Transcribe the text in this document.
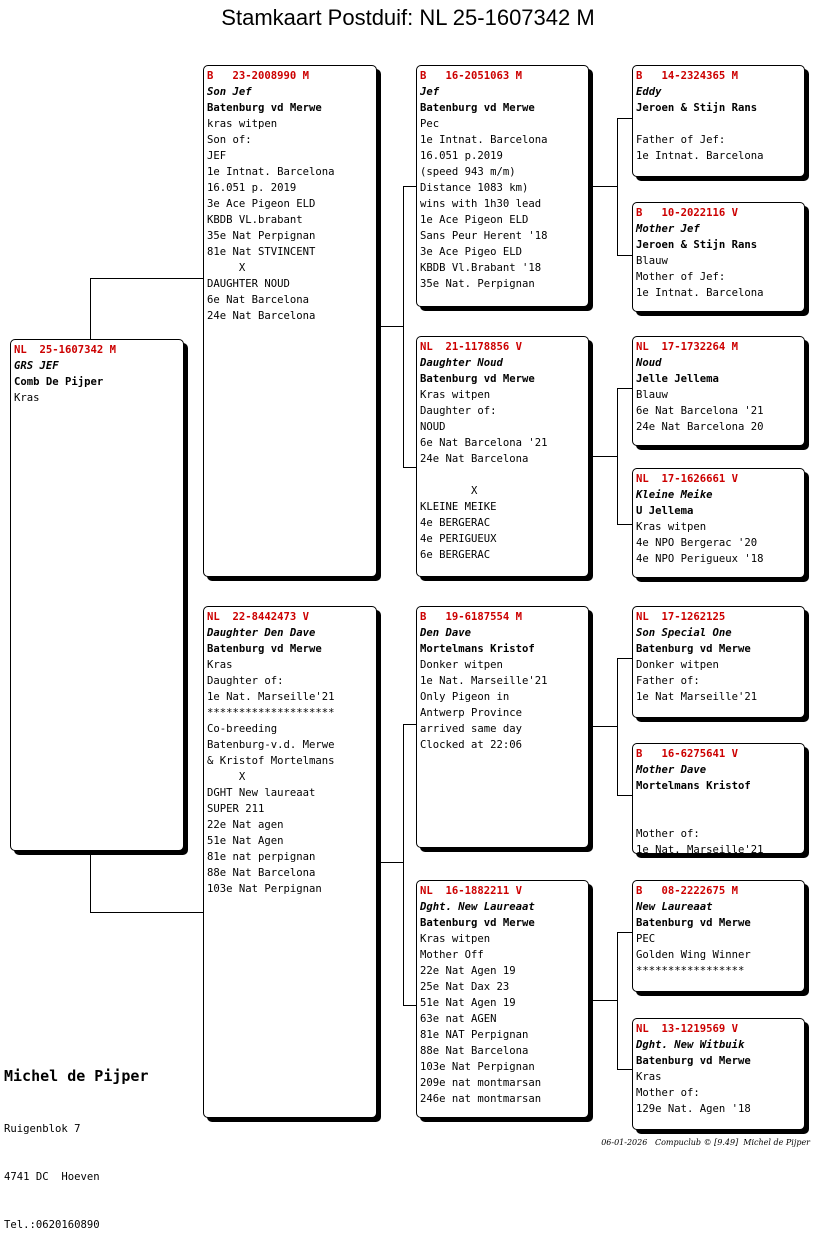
Stamkaart Postduif: NL 25-1607342 M
NL  25-1607342 M
GRS JEF
Comb De Pijper
Kras
B   23-2008990 M
Son Jef
Batenburg vd Merwe
kras witpen
Son of:
JEF
1e Intnat. Barcelona
16.051 p. 2019
3e Ace Pigeon ELD
KBDB VL.brabant
35e Nat Perpignan
81e Nat STVINCENT
X
DAUGHTER NOUD
6e Nat Barcelona
24e Nat Barcelona
NL  22-8442473 V
Daughter Den Dave
Batenburg vd Merwe
Kras
Daughter of:
1e Nat. Marseille'21
********************
Co-breeding
Batenburg-v.d. Merwe
& Kristof Mortelmans
X
DGHT New laureaat
SUPER 211
22e Nat agen
51e Nat Agen
81e nat perpignan
88e Nat Barcelona
103e Nat Perpignan
B   16-2051063 M
Jef
Batenburg vd Merwe
Pec
1e Intnat. Barcelona
16.051 p.2019
(speed 943 m/m)
Distance 1083 km)
wins with 1h30 lead
1e Ace Pigeon ELD
Sans Peur Herent '18
3e Ace Pigeo ELD
KBDB Vl.Brabant '18
35e Nat. Perpignan
NL  21-1178856 V
Daughter Noud
Batenburg vd Merwe
Kras witpen
Daughter of:
NOUD
6e Nat Barcelona '21
24e Nat Barcelona
X
KLEINE MEIKE
4e BERGERAC
4e PERIGUEUX
6e BERGERAC
B   19-6187554 M
Den Dave
Mortelmans Kristof
Donker witpen
1e Nat. Marseille'21
Only Pigeon in
Antwerp Province
arrived same day
Clocked at 22:06
NL  16-1882211 V
Dght. New Laureaat
Batenburg vd Merwe
Kras witpen
Mother Off
22e Nat Agen 19
25e Nat Dax 23
51e Nat Agen 19
63e nat AGEN
81e NAT Perpignan
88e Nat Barcelona
103e Nat Perpignan
209e nat montmarsan
246e nat montmarsan
B   14-2324365 M
Eddy
Jeroen & Stijn Rans
Father of Jef:
1e Intnat. Barcelona
B   10-2022116 V
Mother Jef
Jeroen & Stijn Rans
Blauw
Mother of Jef:
1e Intnat. Barcelona
NL  17-1732264 M
Noud
Jelle Jellema
Blauw
6e Nat Barcelona '21
24e Nat Barcelona 20
NL  17-1626661 V
Kleine Meike
U Jellema
Kras witpen
4e NPO Bergerac '20
4e NPO Perigueux '18
NL  17-1262125
Son Special One
Batenburg vd Merwe
Donker witpen
Father of:
1e Nat Marseille'21
B   16-6275641 V
Mother Dave
Mortelmans Kristof
Mother of:
1e Nat. Marseille'21
B   08-2222675 M
New Laureaat
Batenburg vd Merwe
PEC
Golden Wing Winner
*****************
NL  13-1219569 V
Dght. New Witbuik
Batenburg vd Merwe
Kras
Mother of:
129e Nat. Agen '18

Michel de Pijper

Ruigenblok 7

4741 DC  Hoeven

Tel.:0620160890

06-01-2026   Compuclub © [9.49]  Michel de Pijper
